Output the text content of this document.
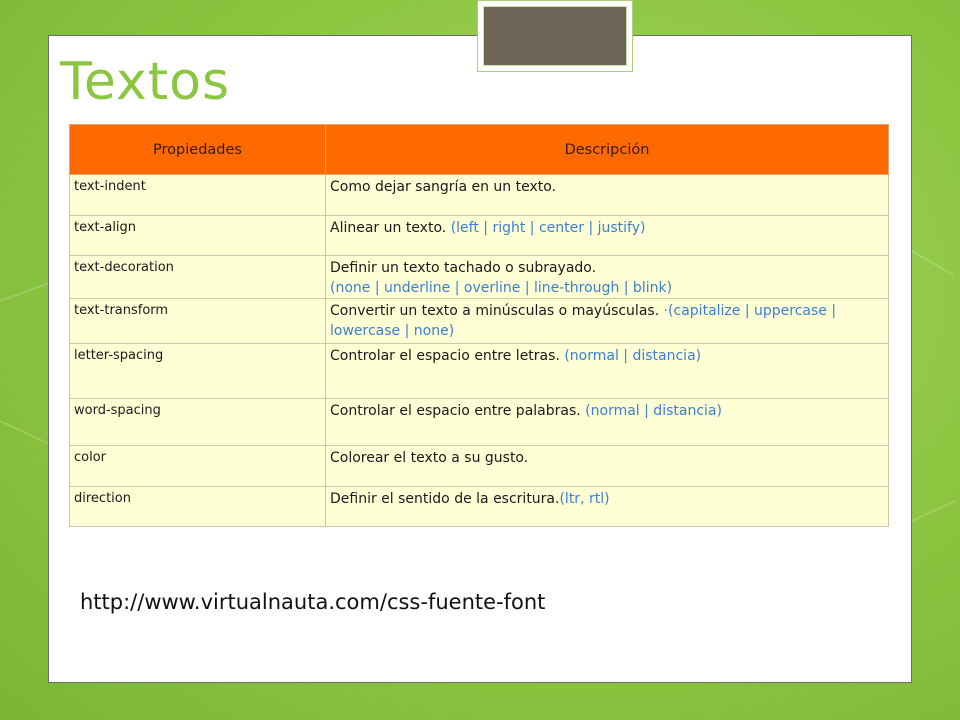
Textos
Propiedades	Descripción
text-indent	Como dejar sangría en un texto.
text-align	Alinear un texto. (left | right | center | justify)
text-decoration	Definir un texto tachado o subrayado.
(none | underline | overline | line-through | blink)
text-transform	Convertir un texto a minúsculas o mayúsculas. ·(capitalize | uppercase | lowercase | none)
letter-spacing	Controlar el espacio entre letras. (normal | distancia)
word-spacing	Controlar el espacio entre palabras. (normal | distancia)
color	Colorear el texto a su gusto.
direction	Definir el sentido de la escritura.(ltr, rtl)
http://www.virtualnauta.com/css-fuente-font
